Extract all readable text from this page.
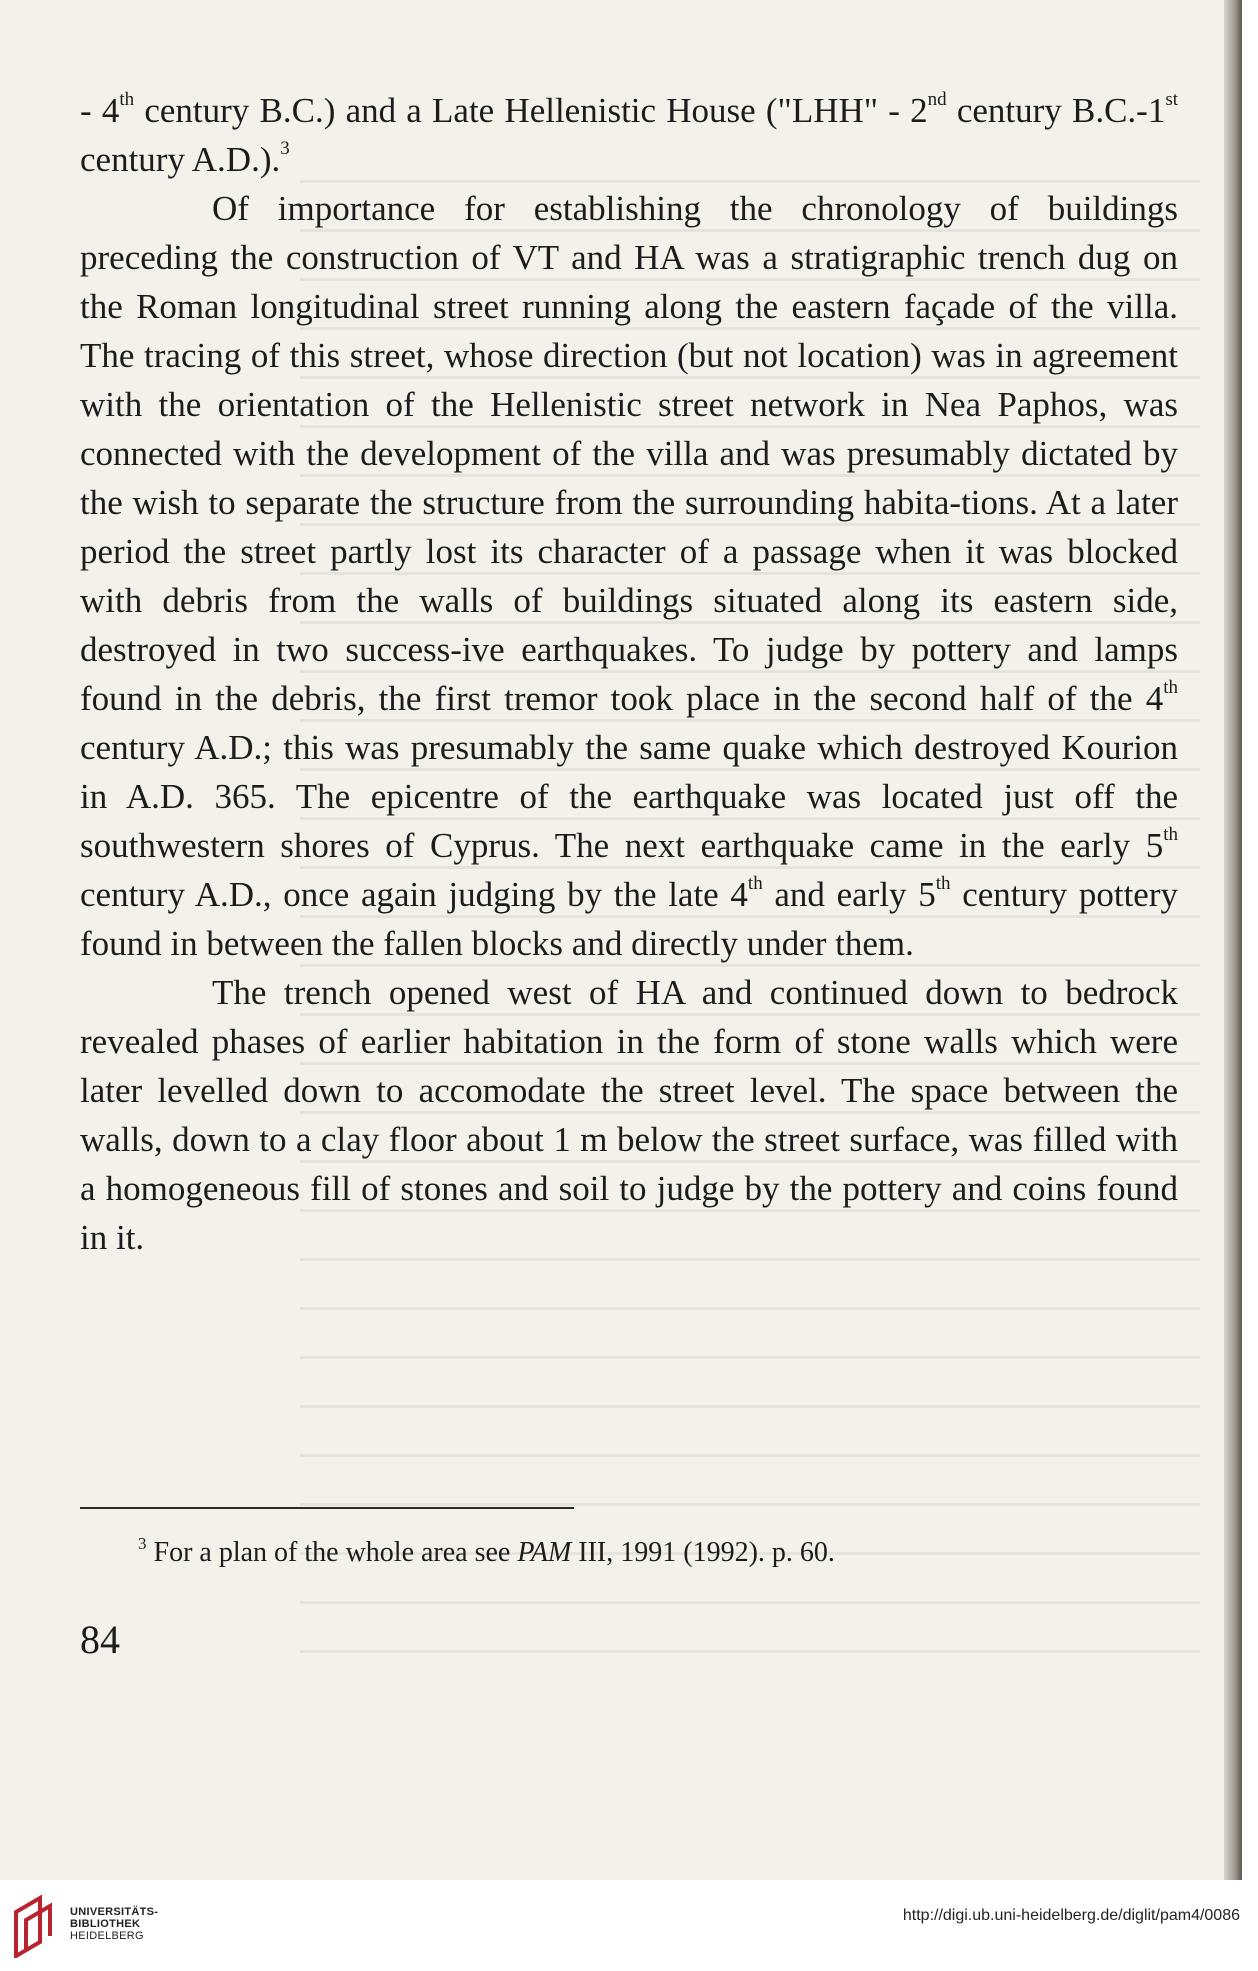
- 4th century B.C.) and a Late Hellenistic House ("LHH" - 2nd century B.C.-1st century A.D.).$^3$

Of importance for establishing the chronology of buildings preceding the construction of VT and HA was a stratigraphic trench dug on the Roman longitudinal street running along the eastern façade of the villa. The tracing of this street, whose direction (but not location) was in agreement with the orientation of the Hellenistic street network in Nea Paphos, was connected with the development of the villa and was presumably dictated by the wish to separate the structure from the surrounding habita-tions. At a later period the street partly lost its character of a passage when it was blocked with debris from the walls of buildings situated along its eastern side, destroyed in two success-ive earthquakes. To judge by pottery and lamps found in the debris, the first tremor took place in the second half of the 4th century A.D.; this was presumably the same quake which destroyed Kourion in A.D. 365. The epicentre of the earthquake was located just off the southwestern shores of Cyprus. The next earthquake came in the early 5th century A.D., once again judging by the late 4th and early 5th century pottery found in between the fallen blocks and directly under them.

The trench opened west of HA and continued down to bedrock revealed phases of earlier habitation in the form of stone walls which were later levelled down to accomodate the street level. The space between the walls, down to a clay floor about 1 m below the street surface, was filled with a homogeneous fill of stones and soil to judge by the pottery and coins found in it.

$^3$ For a plan of the whole area see PAM III, 1991 (1992). p. 60.
84
UNIVERSITÄTS-
BIBLIOTHEK
HEIDELBERG
http://digi.ub.uni-heidelberg.de/diglit/pam4/0086
